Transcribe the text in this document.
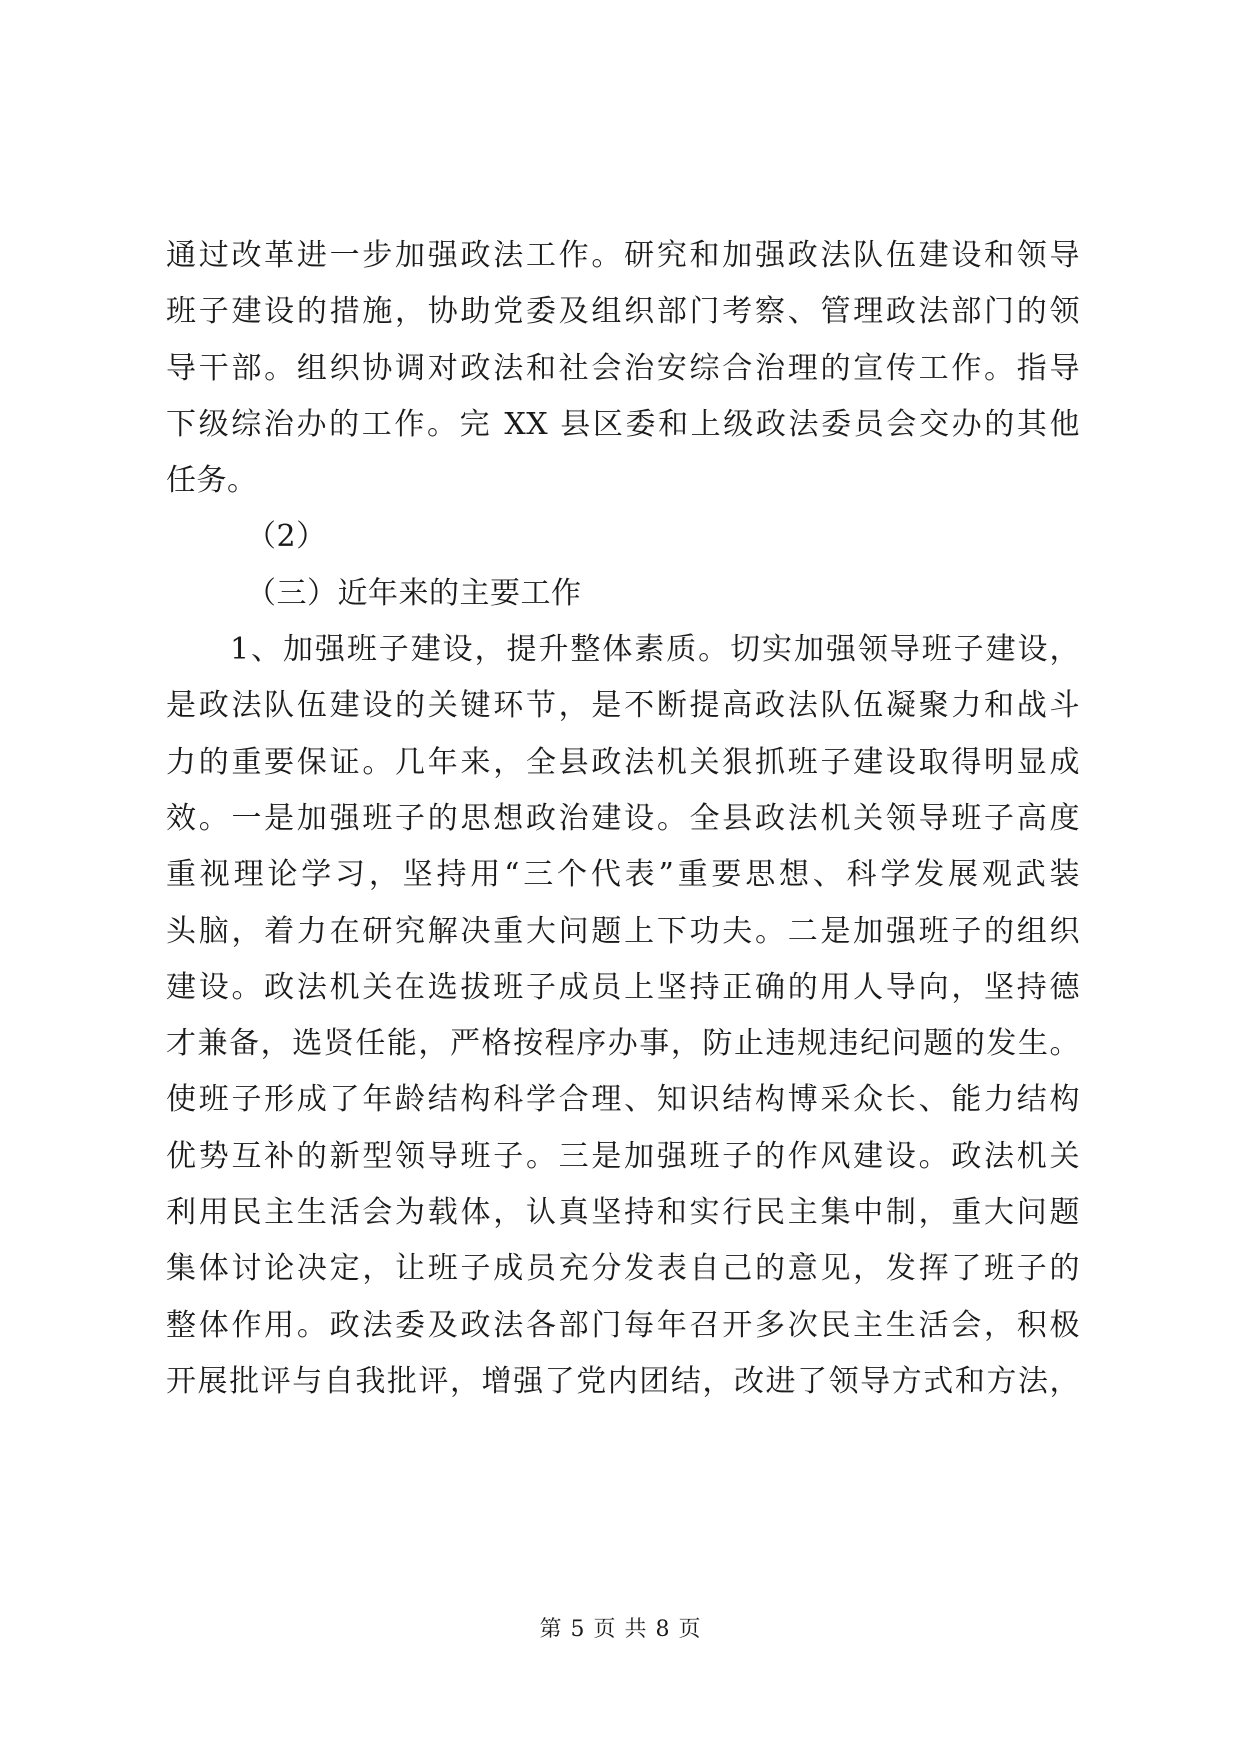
通过改革进一步加强政法工作。研究和加强政法队伍建设和领导
班子建设的措施，协助党委及组织部门考察、管理政法部门的领
导干部。组织协调对政法和社会治安综合治理的宣传工作。指导
下级综治办的工作。完 XX 县区委和上级政法委员会交办的其他
任务。
（2）
（三）近年来的主要工作
1、加强班子建设，提升整体素质。切实加强领导班子建设，
是政法队伍建设的关键环节，是不断提高政法队伍凝聚力和战斗
力的重要保证。几年来，全县政法机关狠抓班子建设取得明显成
效。一是加强班子的思想政治建设。全县政法机关领导班子高度
重视理论学习，坚持用“三个代表”重要思想、科学发展观武装
头脑，着力在研究解决重大问题上下功夫。二是加强班子的组织
建设。政法机关在选拔班子成员上坚持正确的用人导向，坚持德
才兼备，选贤任能，严格按程序办事，防止违规违纪问题的发生。
使班子形成了年龄结构科学合理、知识结构博采众长、能力结构
优势互补的新型领导班子。三是加强班子的作风建设。政法机关
利用民主生活会为载体，认真坚持和实行民主集中制，重大问题
集体讨论决定，让班子成员充分发表自己的意见，发挥了班子的
整体作用。政法委及政法各部门每年召开多次民主生活会，积极
开展批评与自我批评，增强了党内团结，改进了领导方式和方法，
第 5 页 共 8 页
